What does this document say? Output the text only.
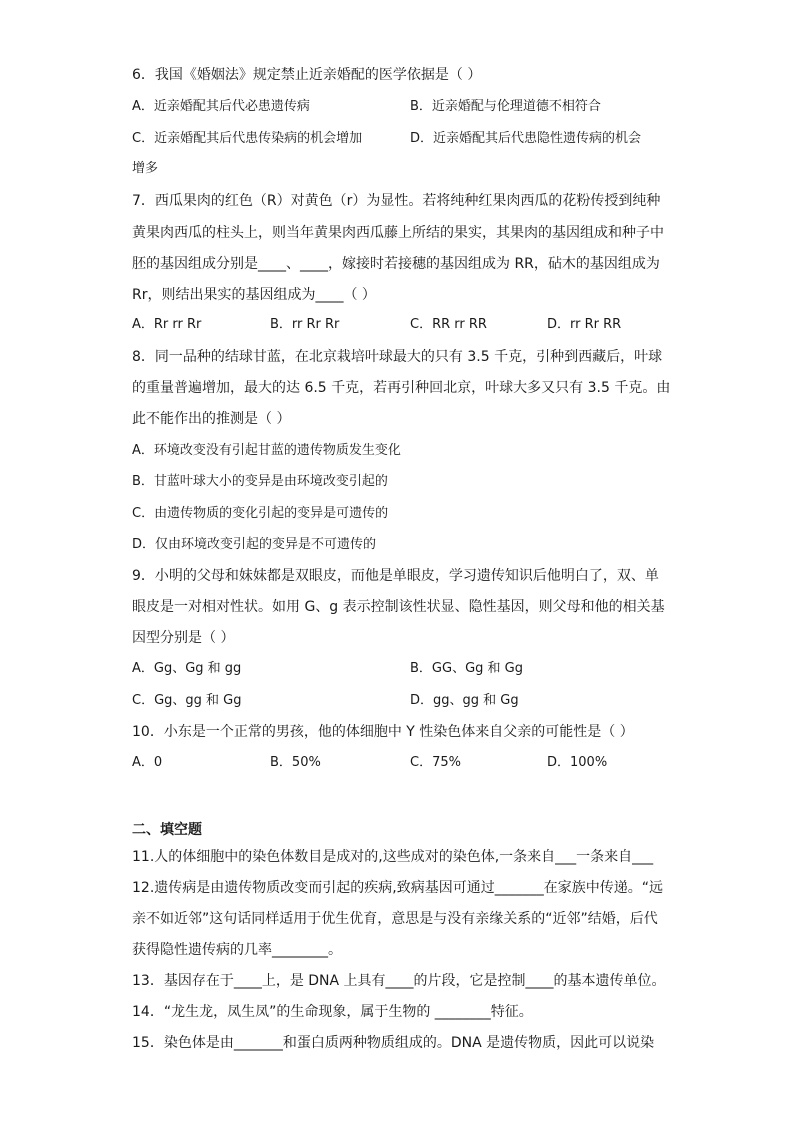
6．我国《婚姻法》规定禁止近亲婚配的医学依据是（ ）
A．近亲婚配其后代必患遗传病	B．近亲婚配与伦理道德不相符合
C．近亲婚配其后代患传染病的机会增加	D．近亲婚配其后代患隐性遗传病的机会
增多
7．西瓜果肉的红色（R）对黄色（r）为显性。若将纯种红果肉西瓜的花粉传授到纯种
黄果肉西瓜的柱头上，则当年黄果肉西瓜藤上所结的果实，其果肉的基因组成和种子中
胚的基因组成分别是____、____，嫁接时若接穗的基因组成为 RR，砧木的基因组成为
Rr，则结出果实的基因组成为____（ ）
A．Rr rr Rr	B．rr Rr Rr	C．RR rr RR	D．rr Rr RR
8．同一品种的结球甘蓝，在北京栽培叶球最大的只有 3.5 千克，引种到西藏后，叶球
的重量普遍增加，最大的达 6.5 千克，若再引种回北京，叶球大多又只有 3.5 千克。由
此不能作出的推测是（ ）
A．环境改变没有引起甘蓝的遗传物质发生变化
B．甘蓝叶球大小的变异是由环境改变引起的
C．由遗传物质的变化引起的变异是可遗传的
D．仅由环境改变引起的变异是不可遗传的
9．小明的父母和妹妹都是双眼皮，而他是单眼皮，学习遗传知识后他明白了，双、单
眼皮是一对相对性状。如用 G、g 表示控制该性状显、隐性基因，则父母和他的相关基
因型分别是（ ）
A．Gg、Gg 和 gg	B．GG、Gg 和 Gg
C．Gg、gg 和 Gg	D．gg、gg 和 Gg
10．小东是一个正常的男孩，他的体细胞中 Y 性染色体来自父亲的可能性是（ ）
A．0	B．50%	C．75%	D．100%
二、填空题
11.人的体细胞中的染色体数目是成对的,这些成对的染色体,一条来自___一条来自___
12.遗传病是由遗传物质改变而引起的疾病,致病基因可通过_______在家族中传递。“远
亲不如近邻”这句话同样适用于优生优育，意思是与没有亲缘关系的“近邻”结婚，后代
获得隐性遗传病的几率________。
13．基因存在于____上，是 DNA 上具有____的片段，它是控制____的基本遗传单位。
14．“龙生龙，凤生凤”的生命现象，属于生物的 ________特征。
15．染色体是由_______和蛋白质两种物质组成的。DNA 是遗传物质，因此可以说染
